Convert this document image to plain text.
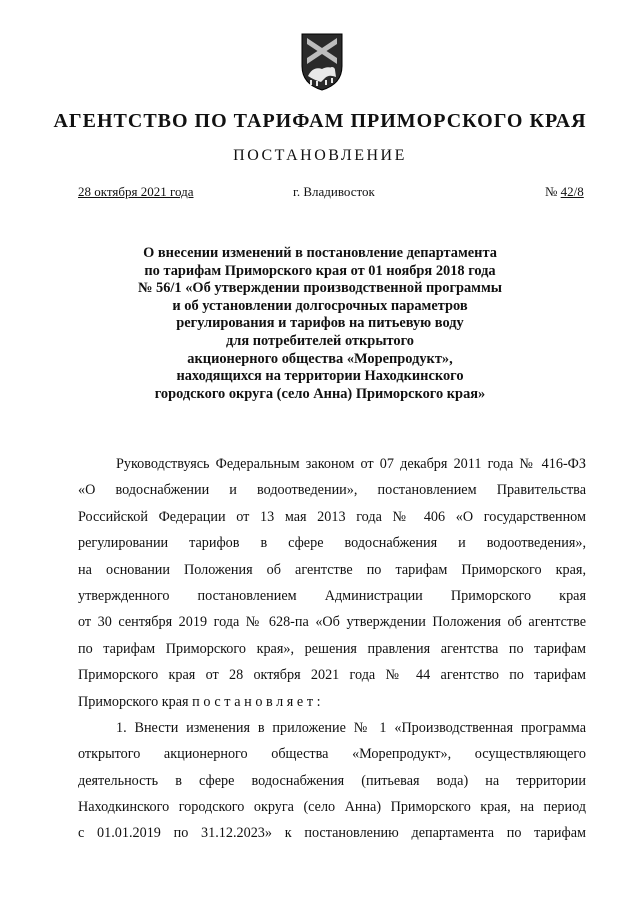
АГЕНТСТВО ПО ТАРИФАМ ПРИМОРСКОГО КРАЯ
ПОСТАНОВЛЕНИЕ
28 октября 2021 года	г. Владивосток	№ 42/8
О внесении изменений в постановление департамента
по тарифам Приморского края от 01 ноября 2018 года
№ 56/1 «Об утверждении производственной программы
и об установлении долгосрочных параметров
регулирования и тарифов на питьевую воду
для потребителей открытого
акционерного общества «Морепродукт»,
находящихся на территории Находкинского
городского округа (село Анна) Приморского края»
Руководствуясь Федеральным законом от 07 декабря 2011 года № 416-ФЗ
«О водоснабжении и водоотведении», постановлением Правительства
Российской Федерации от 13 мая 2013 года № 406 «О государственном
регулировании тарифов в сфере водоснабжения и водоотведения»,
на основании Положения об агентстве по тарифам Приморского края,
утвержденного постановлением Администрации Приморского края
от 30 сентября 2019 года № 628-па «Об утверждении Положения об агентстве
по тарифам Приморского края», решения правления агентства по тарифам
Приморского края от 28 октября 2021 года № 44 агентство по тарифам
Приморского края постановляет:
1. Внести изменения в приложение № 1 «Производственная программа
открытого акционерного общества «Морепродукт», осуществляющего
деятельность в сфере водоснабжения (питьевая вода) на территории
Находкинского городского округа (село Анна) Приморского края, на период
с 01.01.2019 по 31.12.2023» к постановлению департамента по тарифам
